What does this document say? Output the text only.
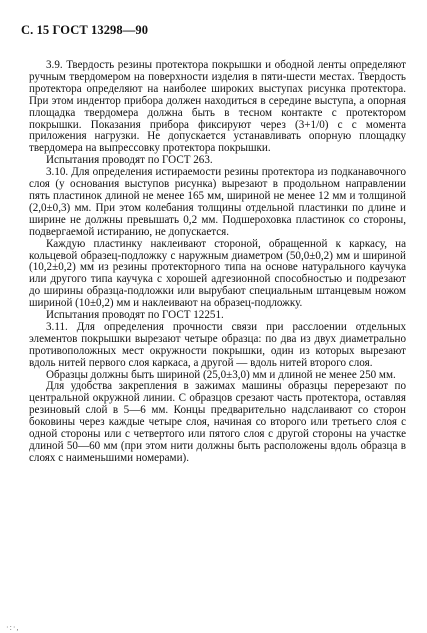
С. 15 ГОСТ 13298—90

3.9. Твердость резины протектора покрышки и ободной ленты определяют ручным твердомером на поверхности изделия в пяти-шести местах. Твердость протектора определяют на наиболее широких выступах рисунка протектора. При этом индентор прибора должен находиться в середине выступа, а опорная площадка твердомера должна быть в тесном контакте с протектором покрышки. Показания прибора фиксируют через (3+1/0) с с момента приложения нагрузки. Не допускается устанавливать опорную площадку твердомера на выпрессовку протектора покрышки.

Испытания проводят по ГОСТ 263.

3.10. Для определения истираемости резины протектора из подканавочного слоя (у основания выступов рисунка) вырезают в продольном направлении пять пластинок длиной не менее 165 мм, шириной не менее 12 мм и толщиной (2,0±0,3) мм. При этом колебания толщины отдельной пластинки по длине и ширине не должны превышать 0,2 мм. Подшероховка пластинок со стороны, подвергаемой истиранию, не допускается.

Каждую пластинку наклеивают стороной, обращенной к каркасу, на кольцевой образец-подложку с наружным диаметром (50,0±0,2) мм и шириной (10,2±0,2) мм из резины протекторного типа на основе натурального каучука или другого типа каучука с хорошей адгезионной способностью и подрезают до ширины образца-подложки или вырубают специальным штанцевым ножом шириной (10±0,2) мм и наклеивают на образец-подложку.

Испытания проводят по ГОСТ 12251.

3.11. Для определения прочности связи при расслоении отдельных элементов покрышки вырезают четыре образца: по два из двух диаметрально противоположных мест окружности покрышки, один из которых вырезают вдоль нитей первого слоя каркаса, а другой — вдоль нитей второго слоя.

Образцы должны быть шириной (25,0±3,0) мм и длиной не менее 250 мм.

Для удобства закрепления в зажимах машины образцы перерезают по центральной окружной линии. С образцов срезают часть протектора, оставляя резиновый слой в 5—6 мм. Концы предварительно надслаивают со сторон боковины через каждые четыре слоя, начиная со второго или третьего слоя с одной стороны или с четвертого или пятого слоя с другой стороны на участке длиной 50—60 мм (при этом нити должны быть расположены вдоль образца в слоях с наименьшими номерами).

·:·,
